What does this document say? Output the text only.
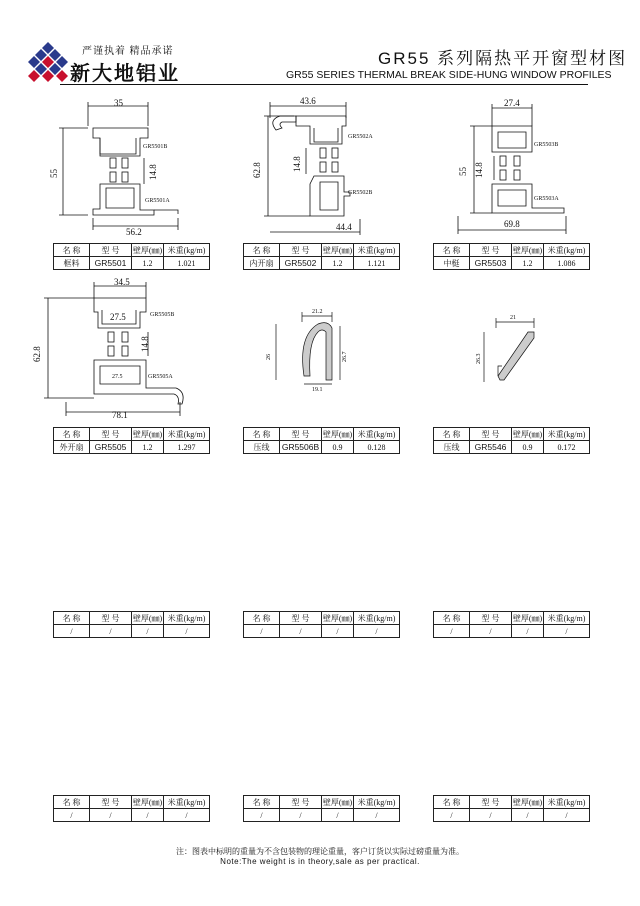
严谨执着 精品承诺
新大地铝业
GR55 系列隔热平开窗型材图
GR55 SERIES THERMAL BREAK SIDE-HUNG WINDOW PROFILES
35
55	14.8
GR5501B
GR5501A
56.2
43.6
62.8	14.8
GR5502A
GR5502B
44.4
27.4
55 14.8
GR5503B
GR5503A
69.8
34.5
27.5
27.5
62.8
14.8
GR5505B
GR5505A
78.1
21.2
26	26.7
19.1
21
26.3
名 称	型 号	壁厚(㎜)	米重(kg/m)
框料	GR5501	1.2	1.021
名 称	型 号	壁厚(㎜)	米重(kg/m)
内开扇	GR5502	1.2	1.121
名 称	型 号	壁厚(㎜)	米重(kg/m)
中梃	GR5503	1.2	1.086
名 称	型 号	壁厚(㎜)	米重(kg/m)
外开扇	GR5505	1.2	1.297
名 称	型 号	壁厚(㎜)	米重(kg/m)
压线	GR5506B	0.9	0.128
名 称	型 号	壁厚(㎜)	米重(kg/m)
压线	GR5546	0.9	0.172
名 称	型 号	壁厚(㎜)	米重(kg/m)
/	/	/	/
名 称	型 号	壁厚(㎜)	米重(kg/m)
/	/	/	/
名 称	型 号	壁厚(㎜)	米重(kg/m)
/	/	/	/
名 称	型 号	壁厚(㎜)	米重(kg/m)
/	/	/	/
名 称	型 号	壁厚(㎜)	米重(kg/m)
/	/	/	/
名 称	型 号	壁厚(㎜)	米重(kg/m)
/	/	/	/
注：图表中标明的重量为不含包装物的理论重量，客户订货以实际过磅重量为准。
Note:The weight is in theory,sale as per practical.
